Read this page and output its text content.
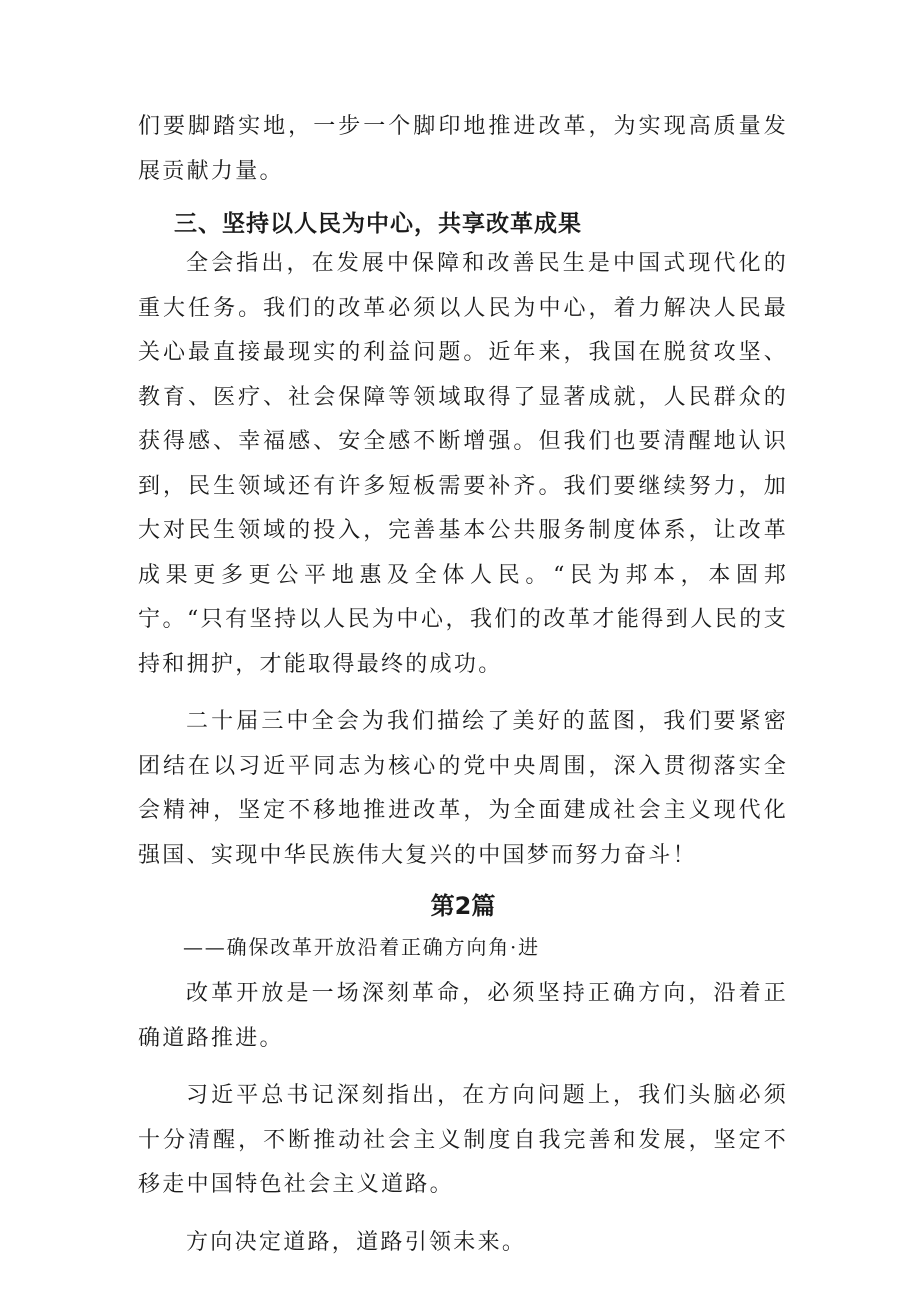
们要脚踏实地，一步一个脚印地推进改革，为实现高质量发展贡献力量。

三、坚持以人民为中心，共享改革成果

全会指出，在发展中保障和改善民生是中国式现代化的重大任务。我们的改革必须以人民为中心，着力解决人民最关心最直接最现实的利益问题。近年来，我国在脱贫攻坚、教育、医疗、社会保障等领域取得了显著成就，人民群众的获得感、幸福感、安全感不断增强。但我们也要清醒地认识到，民生领域还有许多短板需要补齐。我们要继续努力，加大对民生领域的投入，完善基本公共服务制度体系，让改革成果更多更公平地惠及全体人民。“民为邦本，本固邦宁。“只有坚持以人民为中心，我们的改革才能得到人民的支持和拥护，才能取得最终的成功。

二十届三中全会为我们描绘了美好的蓝图，我们要紧密团结在以习近平同志为核心的党中央周围，深入贯彻落实全会精神，坚定不移地推进改革，为全面建成社会主义现代化强国、实现中华民族伟大复兴的中国梦而努力奋斗！

第2篇

——确保改革开放沿着正确方向角·进

改革开放是一场深刻革命，必须坚持正确方向，沿着正确道路推进。

习近平总书记深刻指出，在方向问题上，我们头脑必须十分清醒，不断推动社会主义制度自我完善和发展，坚定不移走中国特色社会主义道路。

方向决定道路，道路引领未来。
